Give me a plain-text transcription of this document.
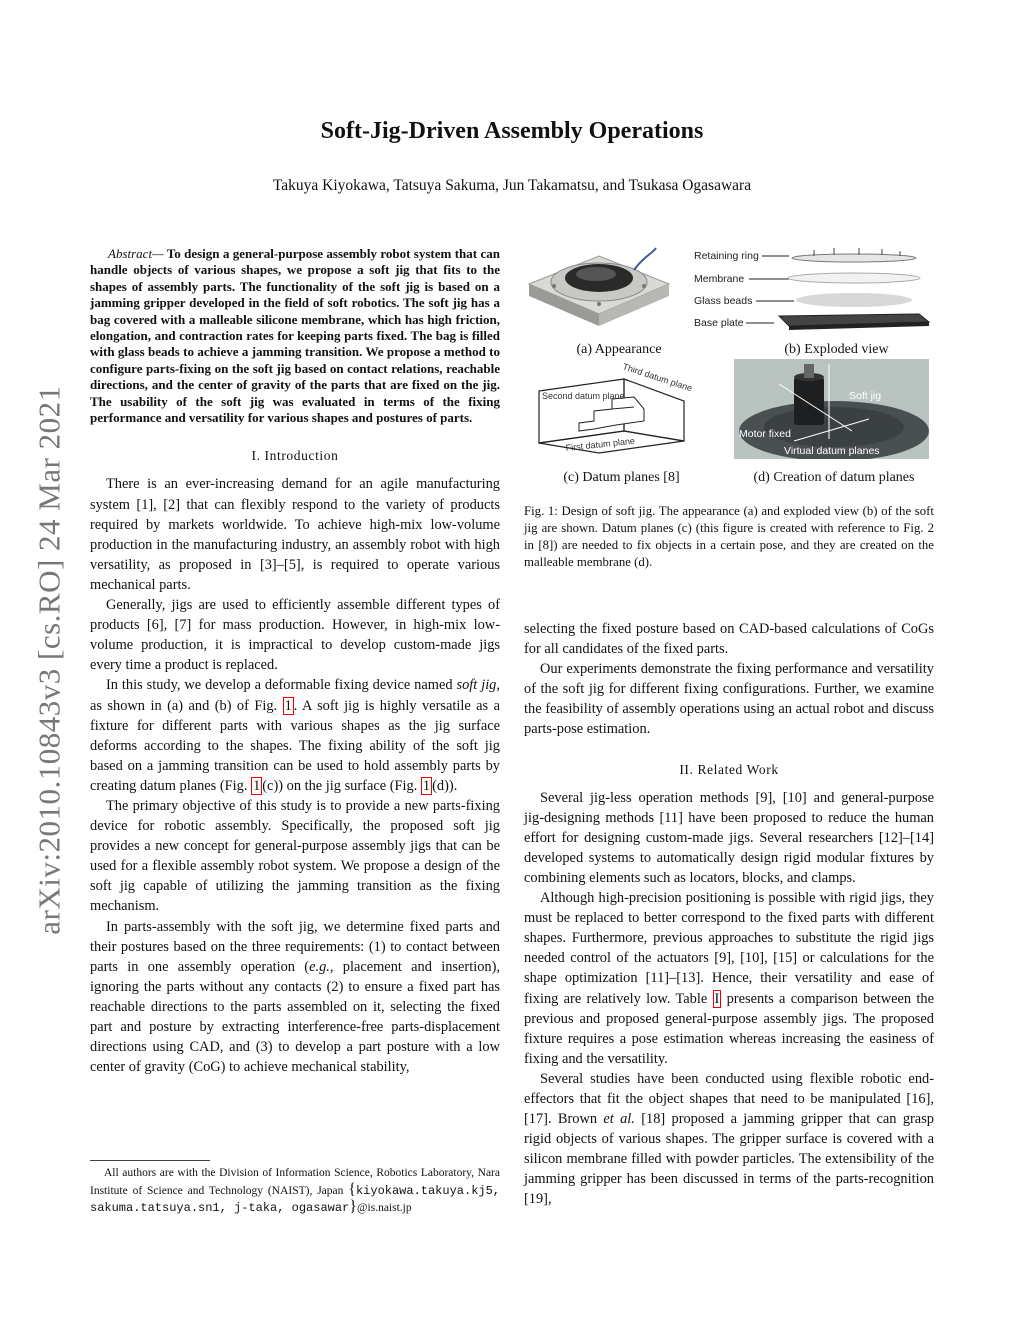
arXiv:2010.10843v3 [cs.RO] 24 Mar 2021
Soft-Jig-Driven Assembly Operations

Takuya Kiyokawa, Tatsuya Sakuma, Jun Takamatsu, and Tsukasa Ogasawara

Abstract— To design a general-purpose assembly robot system that can handle objects of various shapes, we propose a soft jig that fits to the shapes of assembly parts. The functionality of the soft jig is based on a jamming gripper developed in the field of soft robotics. The soft jig has a bag covered with a malleable silicone membrane, which has high friction, elongation, and contraction rates for keeping parts fixed. The bag is filled with glass beads to achieve a jamming transition. We propose a method to configure parts-fixing on the soft jig based on contact relations, reachable directions, and the center of gravity of the parts that are fixed on the jig. The usability of the soft jig was evaluated in terms of the fixing performance and versatility for various shapes and postures of parts.

I. Introduction

There is an ever-increasing demand for an agile manufacturing system [1], [2] that can flexibly respond to the variety of products required by markets worldwide. To achieve high-mix low-volume production in the manufacturing industry, an assembly robot with high versatility, as proposed in [3]–[5], is required to operate various mechanical parts.

Generally, jigs are used to efficiently assemble different types of products [6], [7] for mass production. However, in high-mix low-volume production, it is impractical to develop custom-made jigs every time a product is replaced.

In this study, we develop a deformable fixing device named soft jig, as shown in (a) and (b) of Fig. 1 . A soft jig is highly versatile as a fixture for different parts with various shapes as the jig surface deforms according to the shapes. The fixing ability of the soft jig based on a jamming transition can be used to hold assembly parts by creating datum planes (Fig. 1 (c)) on the jig surface (Fig. 1 (d)).

The primary objective of this study is to provide a new parts-fixing device for robotic assembly. Specifically, the proposed soft jig provides a new concept for general-purpose assembly jigs that can be used for a flexible assembly robot system. We propose a design of the soft jig capable of utilizing the jamming transition as the fixing mechanism.

In parts-assembly with the soft jig, we determine fixed parts and their postures based on the three requirements: (1) to contact between parts in one assembly operation (e.g., placement and insertion), ignoring the parts without any contacts (2) to ensure a fixed part has reachable directions to the parts assembled on it, selecting the fixed part and posture by extracting interference-free parts-displacement directions using CAD, and (3) to develop a part posture with a low center of gravity (CoG) to achieve mechanical stability,

All authors are with the Division of Information Science, Robotics Laboratory, Nara Institute of Science and Technology (NAIST), Japan {kiyokawa.takuya.kj5, sakuma.tatsuya.sn1, j-taka, ogasawar}@is.naist.jp

(a) Appearance
Retaining ring
Membrane
Glass beads
Base plate
(b) Exploded view
Second datum plane
Third datum plane
First datum plane
(c) Datum planes [8]
Soft jig
Motor fixed
Virtual datum planes
(d) Creation of datum planes

Fig. 1: Design of soft jig. The appearance (a) and exploded view (b) of the soft jig are shown. Datum planes (c) (this figure is created with reference to Fig. 2 in [8]) are needed to fix objects in a certain pose, and they are created on the malleable membrane (d).

selecting the fixed posture based on CAD-based calculations of CoGs for all candidates of the fixed parts.

Our experiments demonstrate the fixing performance and versatility of the soft jig for different fixing configurations. Further, we examine the feasibility of assembly operations using an actual robot and discuss parts-pose estimation.

II. Related Work

Several jig-less operation methods [9], [10] and general-purpose jig-designing methods [11] have been proposed to reduce the human effort for designing custom-made jigs. Several researchers [12]–[14] developed systems to automatically design rigid modular fixtures by combining elements such as locators, blocks, and clamps.

Although high-precision positioning is possible with rigid jigs, they must be replaced to better correspond to the fixed parts with different shapes. Furthermore, previous approaches to substitute the rigid jigs needed control of the actuators [9], [10], [15] or calculations for the shape optimization [11]–[13]. Hence, their versatility and ease of fixing are relatively low. Table I presents a comparison between the previous and proposed general-purpose assembly jigs. The proposed fixture requires a pose estimation whereas increasing the easiness of fixing and the versatility.

Several studies have been conducted using flexible robotic end-effectors that fit the object shapes that need to be manipulated [16], [17]. Brown et al. [18] proposed a jamming gripper that can grasp rigid objects of various shapes. The gripper surface is covered with a silicon membrane filled with powder particles. The extensibility of the jamming gripper has been discussed in terms of the parts-recognition [19],
